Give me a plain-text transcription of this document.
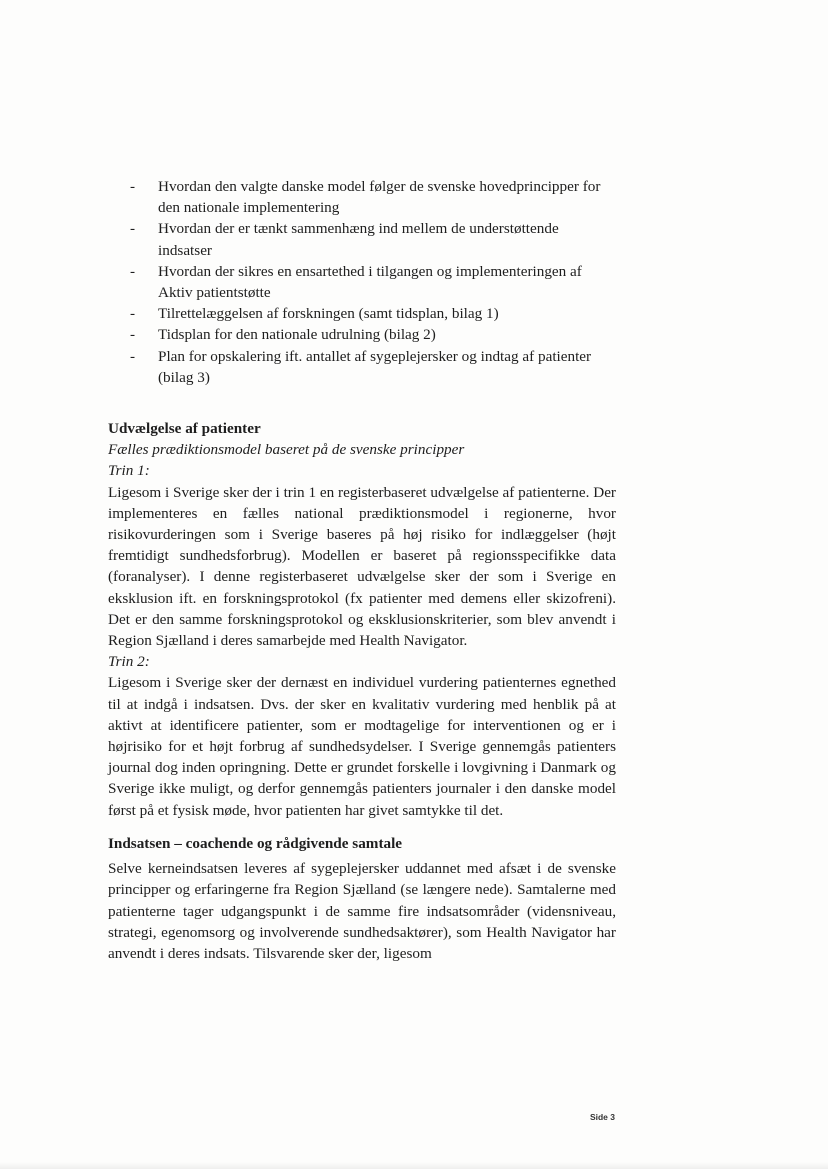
- Hvordan den valgte danske model følger de svenske hovedprincipper for den nationale implementering
- Hvordan der er tænkt sammenhæng ind mellem de understøttende indsatser
- Hvordan der sikres en ensartethed i tilgangen og implementeringen af Aktiv patientstøtte
- Tilrettelæggelsen af forskningen (samt tidsplan, bilag 1)
- Tidsplan for den nationale udrulning (bilag 2)
- Plan for opskalering ift. antallet af sygeplejersker og indtag af patienter (bilag 3)

Udvælgelse af patienter

Fælles prædiktionsmodel baseret på de svenske principper

Trin 1:

Ligesom i Sverige sker der i trin 1 en registerbaseret udvælgelse af patienterne. Der implementeres en fælles national prædiktionsmodel i regionerne, hvor risikovurderingen som i Sverige baseres på høj risiko for indlæggelser (højt fremtidigt sundhedsforbrug). Modellen er baseret på regionsspecifikke data (foranalyser). I denne registerbaseret udvælgelse sker der som i Sverige en eksklusion ift. en forskningsprotokol (fx patienter med demens eller skizofreni). Det er den samme forskningsprotokol og eksklusionskriterier, som blev anvendt i Region Sjælland i deres samarbejde med Health Navigator.

Trin 2:

Ligesom i Sverige sker der dernæst en individuel vurdering patienternes egnethed til at indgå i indsatsen. Dvs. der sker en kvalitativ vurdering med henblik på at aktivt at identificere patienter, som er modtagelige for interventionen og er i højrisiko for et højt forbrug af sundhedsydelser. I Sverige gennemgås patienters journal dog inden opringning. Dette er grundet forskelle i lovgivning i Danmark og Sverige ikke muligt, og derfor gennemgås patienters journaler i den danske model først på et fysisk møde, hvor patienten har givet samtykke til det.

Indsatsen – coachende og rådgivende samtale

Selve kerneindsatsen leveres af sygeplejersker uddannet med afsæt i de svenske principper og erfaringerne fra Region Sjælland (se længere nede). Samtalerne med patienterne tager udgangspunkt i de samme fire indsatsområder (vidensniveau, strategi, egenomsorg og involverende sundhedsaktører), som Health Navigator har anvendt i deres indsats. Tilsvarende sker der, ligesom

Side 3
